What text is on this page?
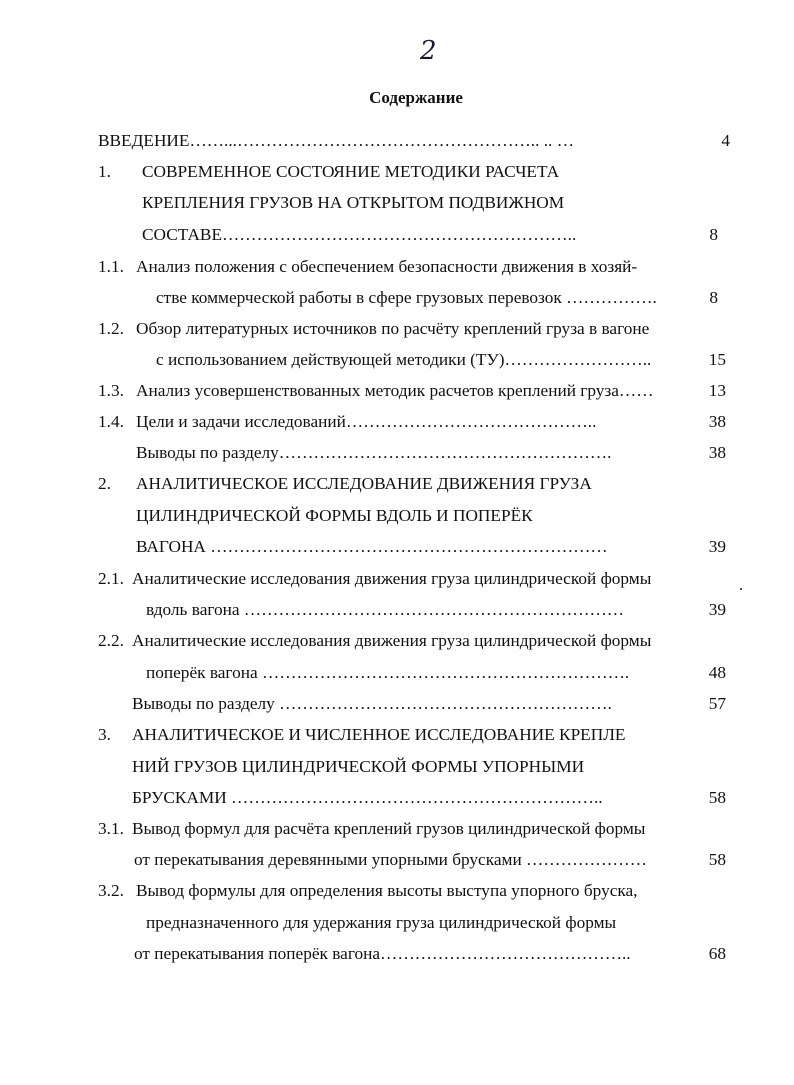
2
Содержание
ВВЕДЕНИЕ……...…………………………………………….. .. …	4
1. СОВРЕМЕННОЕ СОСТОЯНИЕ МЕТОДИКИ РАСЧЕТА
КРЕПЛЕНИЯ ГРУЗОВ НА ОТКРЫТОМ ПОДВИЖНОМ
СОСТАВЕ……………………………………………………..	8
1.1. Анализ положения с обеспечением безопасности движения в хозяй-
стве коммерческой работы в сфере грузовых перевозок …………….	8
1.2. Обзор литературных источников по расчёту креплений груза в вагоне
с использованием действующей методики (ТУ)……………………..	15
1.3. Анализ усовершенствованных методик расчетов креплений груза……	13
1.4. Цели и задачи исследований……………………………………..	38
Выводы по разделу………………………………………………….	38
2. АНАЛИТИЧЕСКОЕ ИССЛЕДОВАНИЕ ДВИЖЕНИЯ ГРУЗА
ЦИЛИНДРИЧЕСКОЙ ФОРМЫ ВДОЛЬ И ПОПЕРЁК
ВАГОНА ……………………………………………………………	39
2.1. Аналитические исследования движения груза цилиндрической формы
вдоль вагона …………………………………………………………	39
2.2. Аналитические исследования движения груза цилиндрической формы
поперёк вагона ……………………………………………………….	48
Выводы по разделу ………………………………………………….	57
3. АНАЛИТИЧЕСКОЕ И ЧИСЛЕННОЕ ИССЛЕДОВАНИЕ КРЕПЛЕ
НИЙ ГРУЗОВ ЦИЛИНДРИЧЕСКОЙ ФОРМЫ УПОРНЫМИ
БРУСКАМИ ………………………………………………………..	58
3.1. Вывод формул для расчёта креплений грузов цилиндрической формы
от перекатывания деревянными упорными брусками …………………	58
3.2. Вывод формулы для определения высоты выступа упорного бруска,
предназначенного для удержания груза цилиндрической формы
от перекатывания поперёк вагона……………………………………..	68
